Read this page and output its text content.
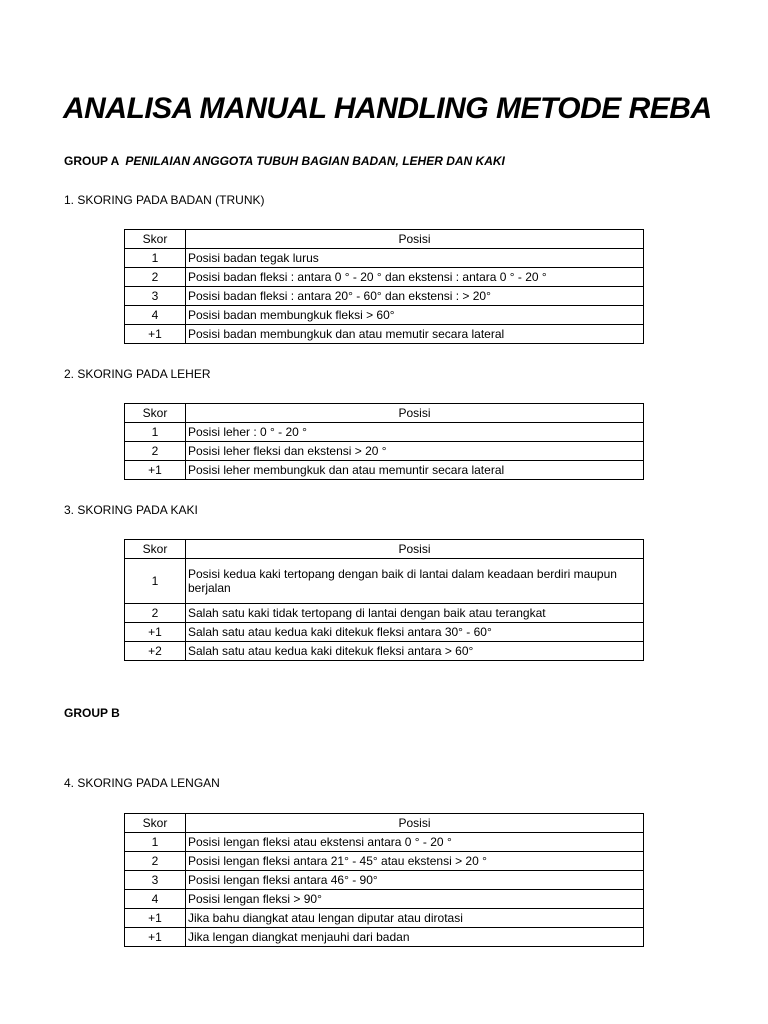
ANALISA MANUAL HANDLING METODE REBA
GROUP A PENILAIAN ANGGOTA TUBUH BAGIAN BADAN, LEHER DAN KAKI
1. SKORING PADA BADAN (TRUNK)
Skor	Posisi
1	Posisi badan tegak lurus
2	Posisi badan fleksi : antara 0 ° - 20 ° dan ekstensi : antara 0 ° - 20 °
3	Posisi badan fleksi : antara 20° - 60° dan ekstensi : > 20°
4	Posisi badan membungkuk fleksi > 60°
+1	Posisi badan membungkuk dan atau memutir secara lateral
2. SKORING PADA LEHER
Skor	Posisi
1	Posisi leher : 0 ° - 20 °
2	Posisi leher fleksi dan ekstensi > 20 °
+1	Posisi leher membungkuk dan atau memuntir secara lateral
3. SKORING PADA KAKI
Skor	Posisi
1	Posisi kedua kaki tertopang dengan baik di lantai dalam keadaan berdiri maupun berjalan
2	Salah satu kaki tidak tertopang di lantai dengan baik atau terangkat
+1	Salah satu atau kedua kaki ditekuk fleksi antara 30° - 60°
+2	Salah satu atau kedua kaki ditekuk fleksi antara > 60°
GROUP B
4. SKORING PADA LENGAN
Skor	Posisi
1	Posisi lengan fleksi atau ekstensi antara 0 ° - 20 °
2	Posisi lengan fleksi antara 21° - 45° atau ekstensi > 20 °
3	Posisi lengan fleksi antara 46° - 90°
4	Posisi lengan fleksi > 90°
+1	Jika bahu diangkat atau lengan diputar atau dirotasi
+1	Jika lengan diangkat menjauhi dari badan
